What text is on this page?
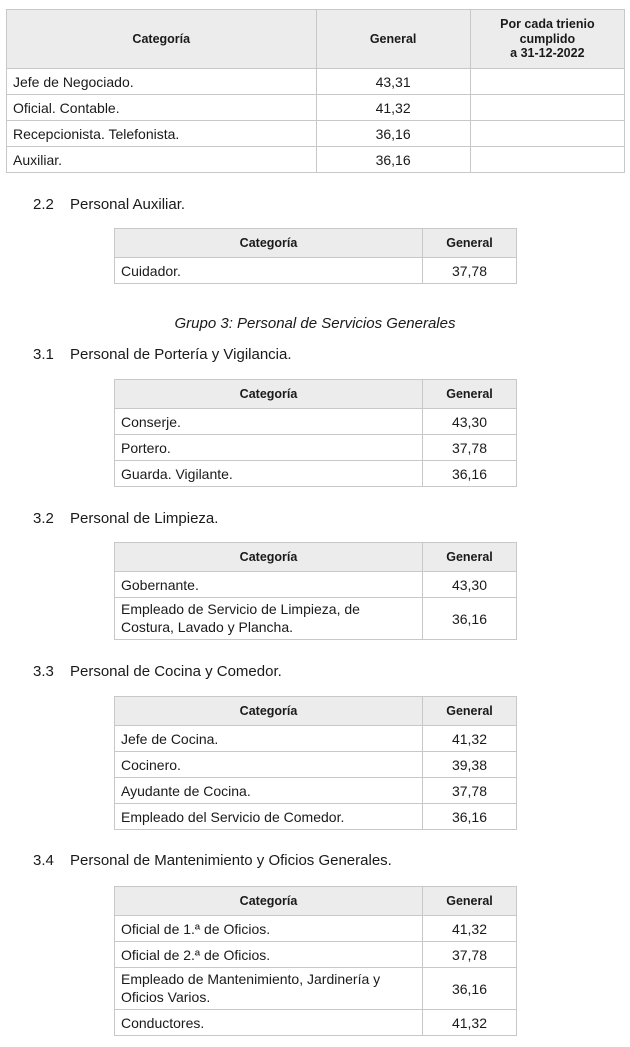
Categoría	General	Por cada trienio cumplido
a 31-12-2022
Jefe de Negociado.	43,31	
Oficial. Contable.	41,32	
Recepcionista. Telefonista.	36,16	
Auxiliar.	36,16	
2.2 Personal Auxiliar.
Categoría	General
Cuidador.	37,78
Grupo 3: Personal de Servicios Generales
3.1 Personal de Portería y Vigilancia.
Categoría	General
Conserje.	43,30
Portero.	37,78
Guarda. Vigilante.	36,16
3.2 Personal de Limpieza.
Categoría	General
Gobernante.	43,30
Empleado de Servicio de Limpieza, de Costura, Lavado y Plancha.	36,16
3.3 Personal de Cocina y Comedor.
Categoría	General
Jefe de Cocina.	41,32
Cocinero.	39,38
Ayudante de Cocina.	37,78
Empleado del Servicio de Comedor.	36,16
3.4 Personal de Mantenimiento y Oficios Generales.
Categoría	General
Oficial de 1.ª de Oficios.	41,32
Oficial de 2.ª de Oficios.	37,78
Empleado de Mantenimiento, Jardinería y Oficios Varios.	36,16
Conductores.	41,32
